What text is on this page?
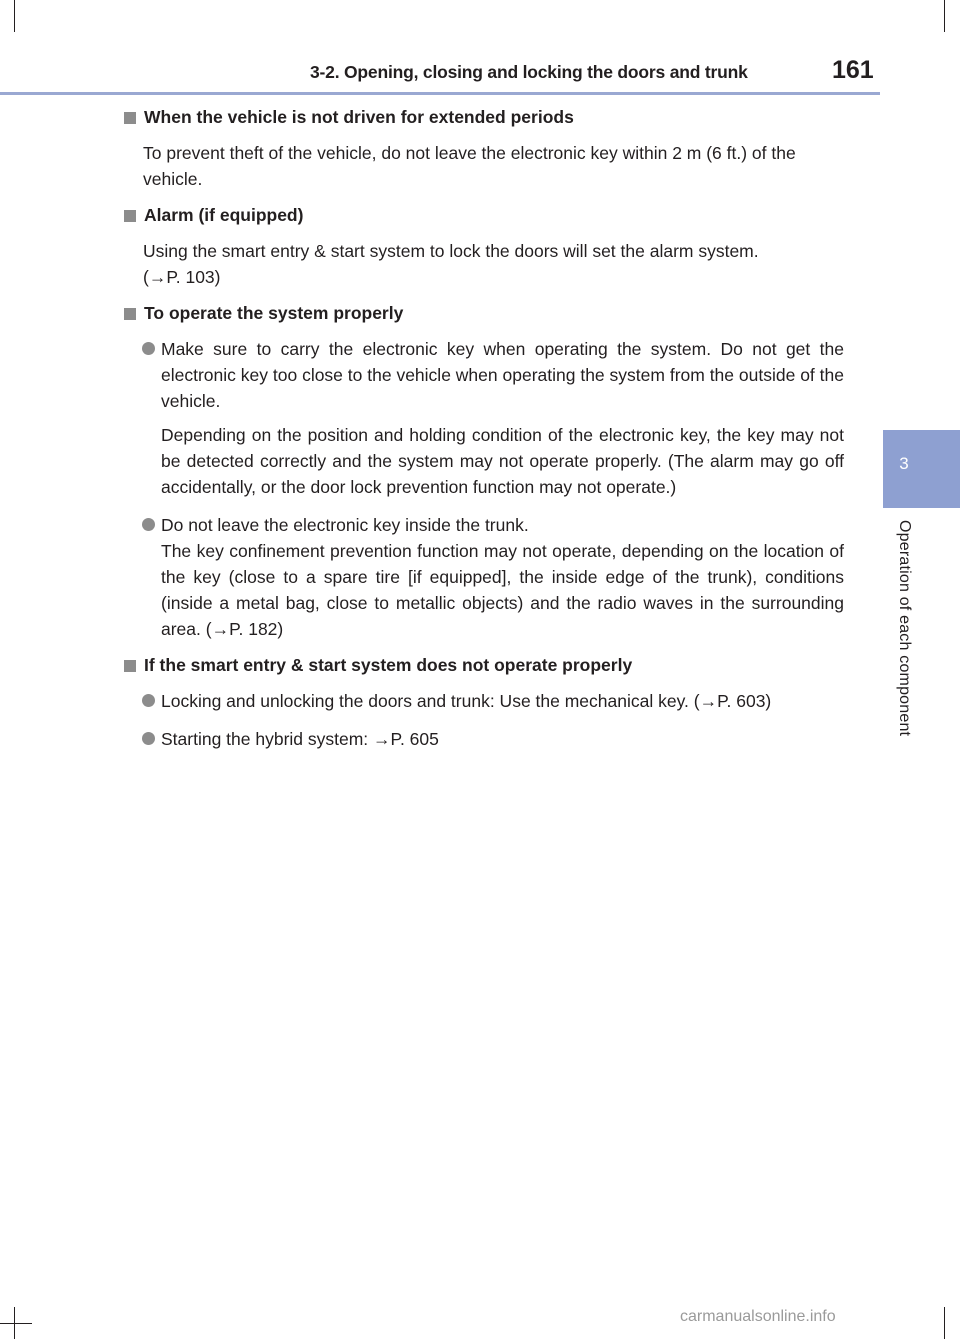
3-2. Opening, closing and locking the doors and trunk	161
3
Operation of each component
When the vehicle is not driven for extended periods
To prevent theft of the vehicle, do not leave the electronic key within 2 m (6 ft.) of the vehicle.
Alarm (if equipped)
Using the smart entry & start system to lock the doors will set the alarm system.
(→P. 103)
To operate the system properly
Make sure to carry the electronic key when operating the system. Do not get the electronic key too close to the vehicle when operating the system from the outside of the vehicle.
Depending on the position and holding condition of the electronic key, the key may not be detected correctly and the system may not operate properly. (The alarm may go off accidentally, or the door lock prevention function may not operate.)
Do not leave the electronic key inside the trunk.
The key confinement prevention function may not operate, depending on the location of the key (close to a spare tire [if equipped], the inside edge of the trunk), conditions (inside a metal bag, close to metallic objects) and the radio waves in the surrounding area. (→P. 182)
If the smart entry & start system does not operate properly
Locking and unlocking the doors and trunk: Use the mechanical key. (→P. 603)
Starting the hybrid system: →P. 605
carmanualsonline.info
